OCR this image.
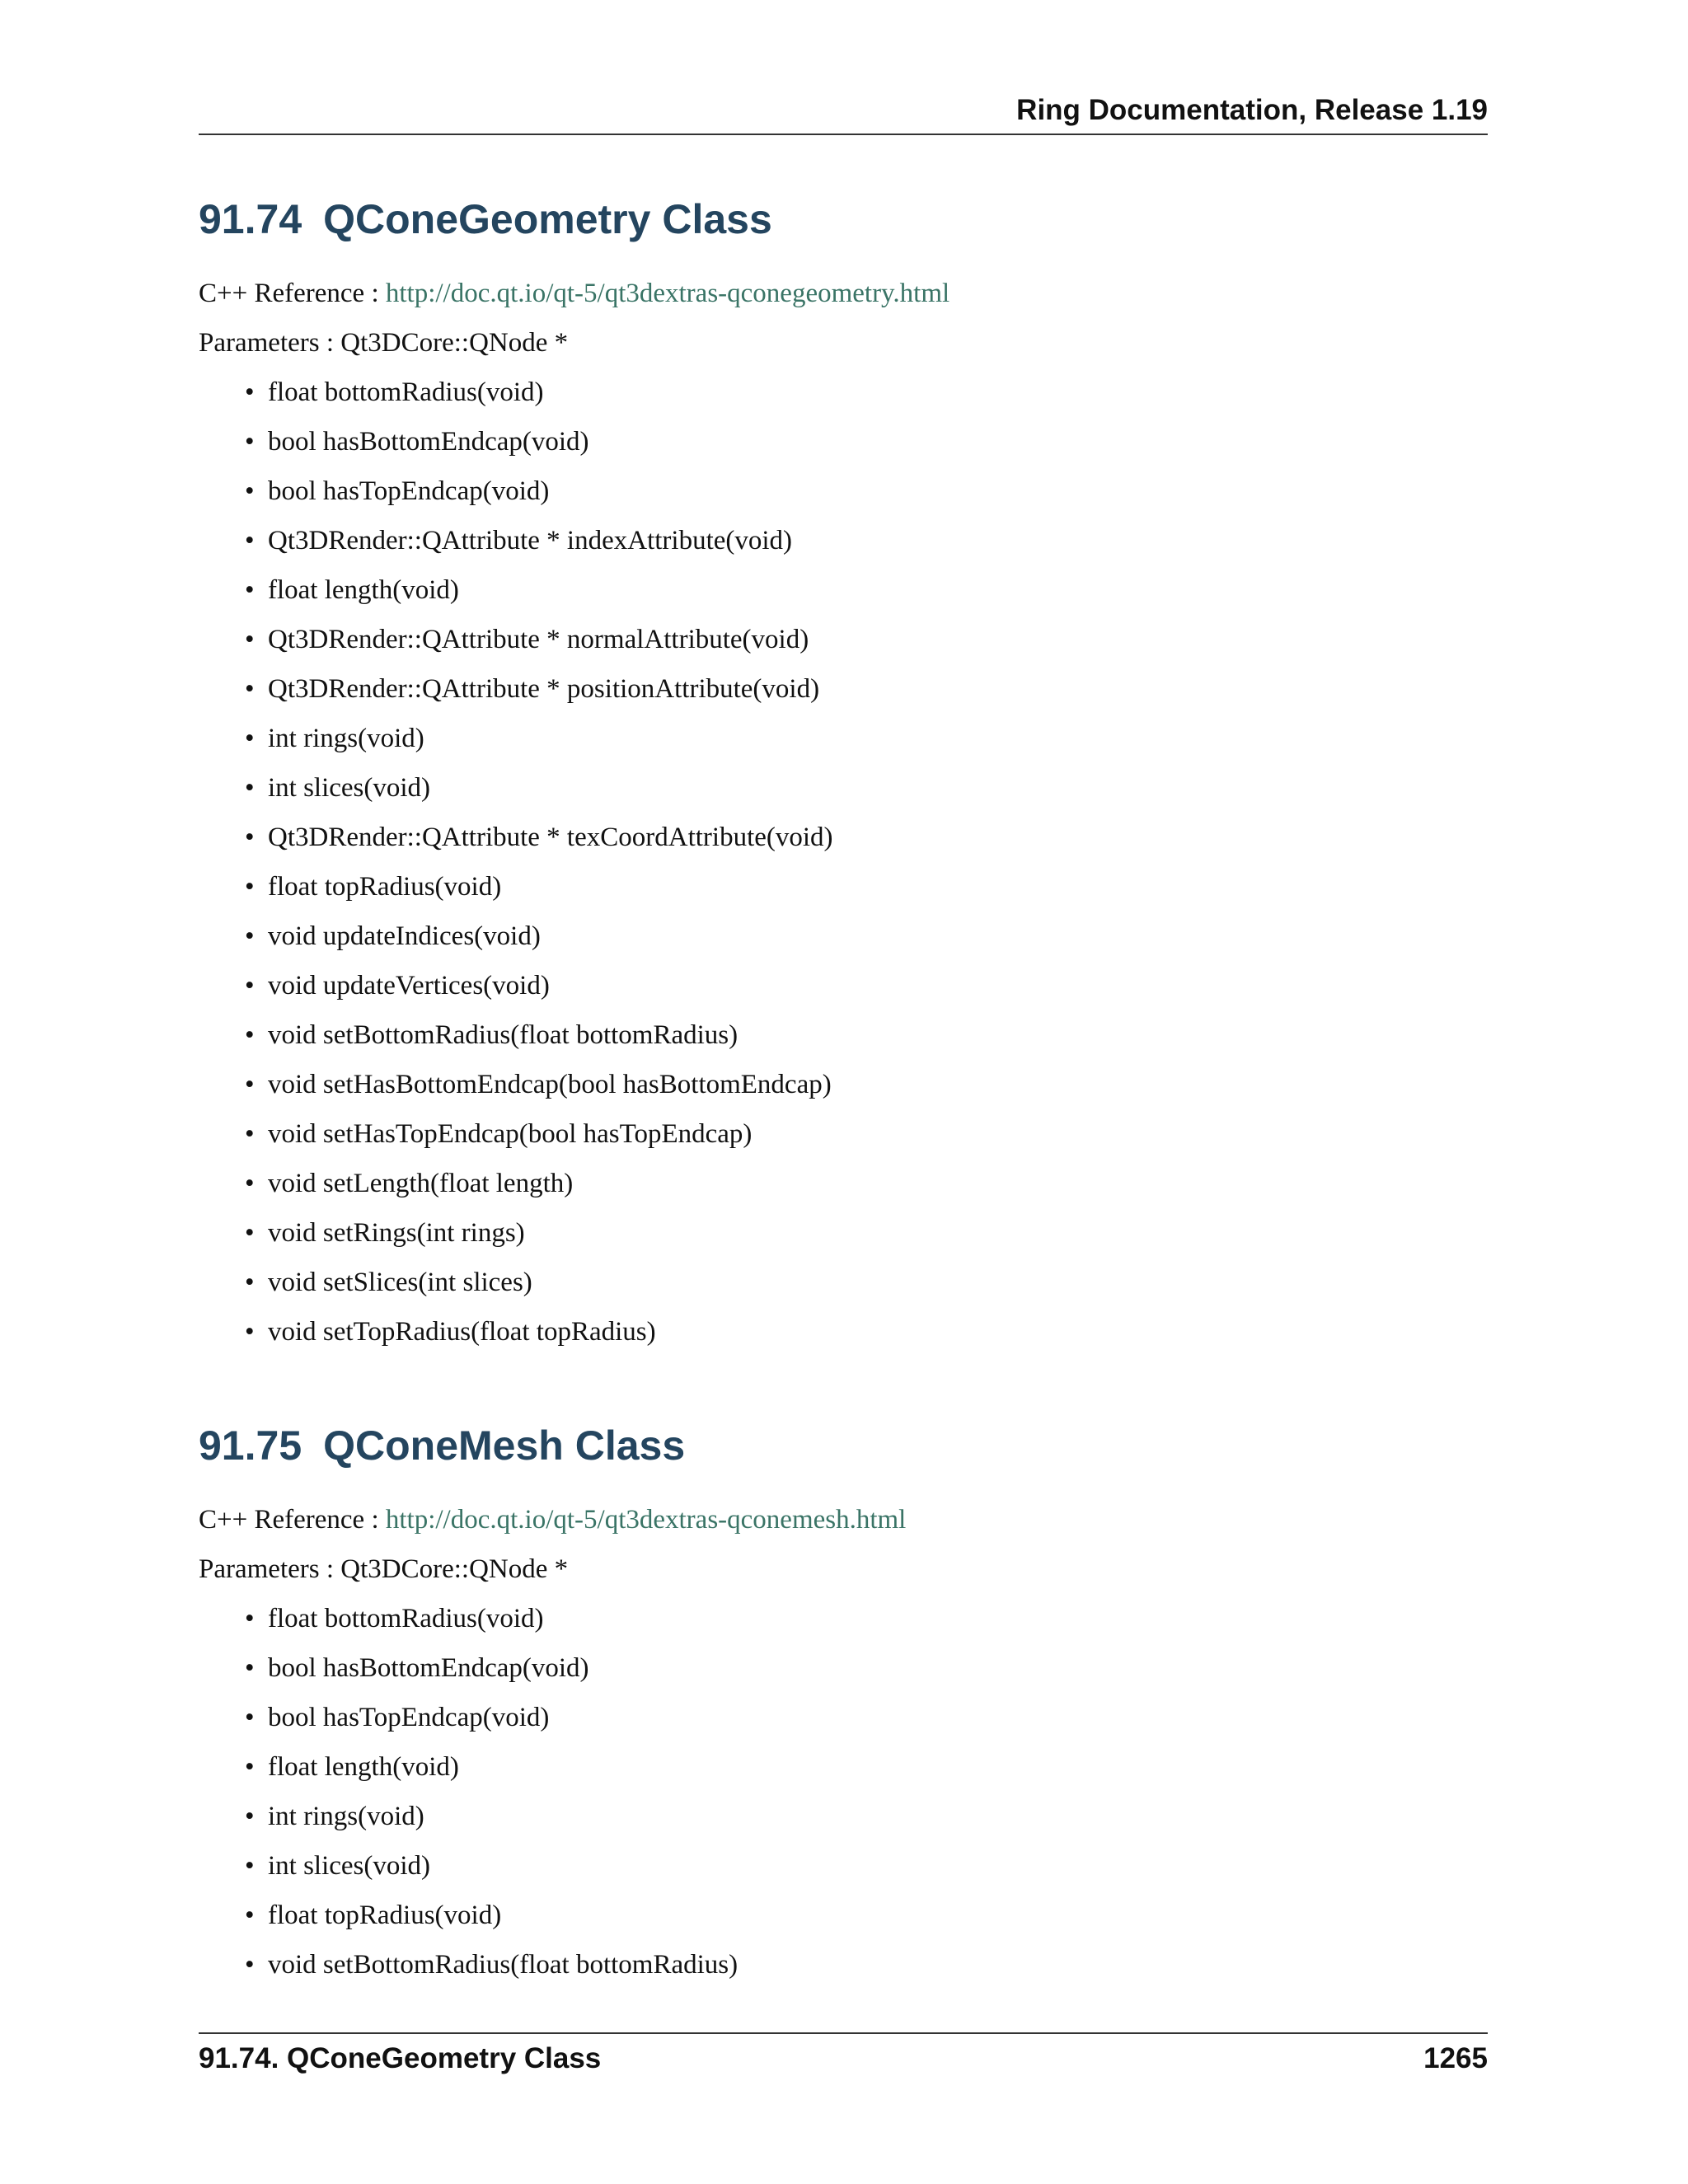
Ring Documentation, Release 1.19
91.74 QConeGeometry Class

C++ Reference : http://doc.qt.io/qt-5/qt3dextras-qconegeometry.html

Parameters : Qt3DCore::QNode *

• float bottomRadius(void)
• bool hasBottomEndcap(void)
• bool hasTopEndcap(void)
• Qt3DRender::QAttribute * indexAttribute(void)
• float length(void)
• Qt3DRender::QAttribute * normalAttribute(void)
• Qt3DRender::QAttribute * positionAttribute(void)
• int rings(void)
• int slices(void)
• Qt3DRender::QAttribute * texCoordAttribute(void)
• float topRadius(void)
• void updateIndices(void)
• void updateVertices(void)
• void setBottomRadius(float bottomRadius)
• void setHasBottomEndcap(bool hasBottomEndcap)
• void setHasTopEndcap(bool hasTopEndcap)
• void setLength(float length)
• void setRings(int rings)
• void setSlices(int slices)
• void setTopRadius(float topRadius)
91.75 QConeMesh Class

C++ Reference : http://doc.qt.io/qt-5/qt3dextras-qconemesh.html

Parameters : Qt3DCore::QNode *

• float bottomRadius(void)
• bool hasBottomEndcap(void)
• bool hasTopEndcap(void)
• float length(void)
• int rings(void)
• int slices(void)
• float topRadius(void)
• void setBottomRadius(float bottomRadius)
91.74. QConeGeometry Class	1265
